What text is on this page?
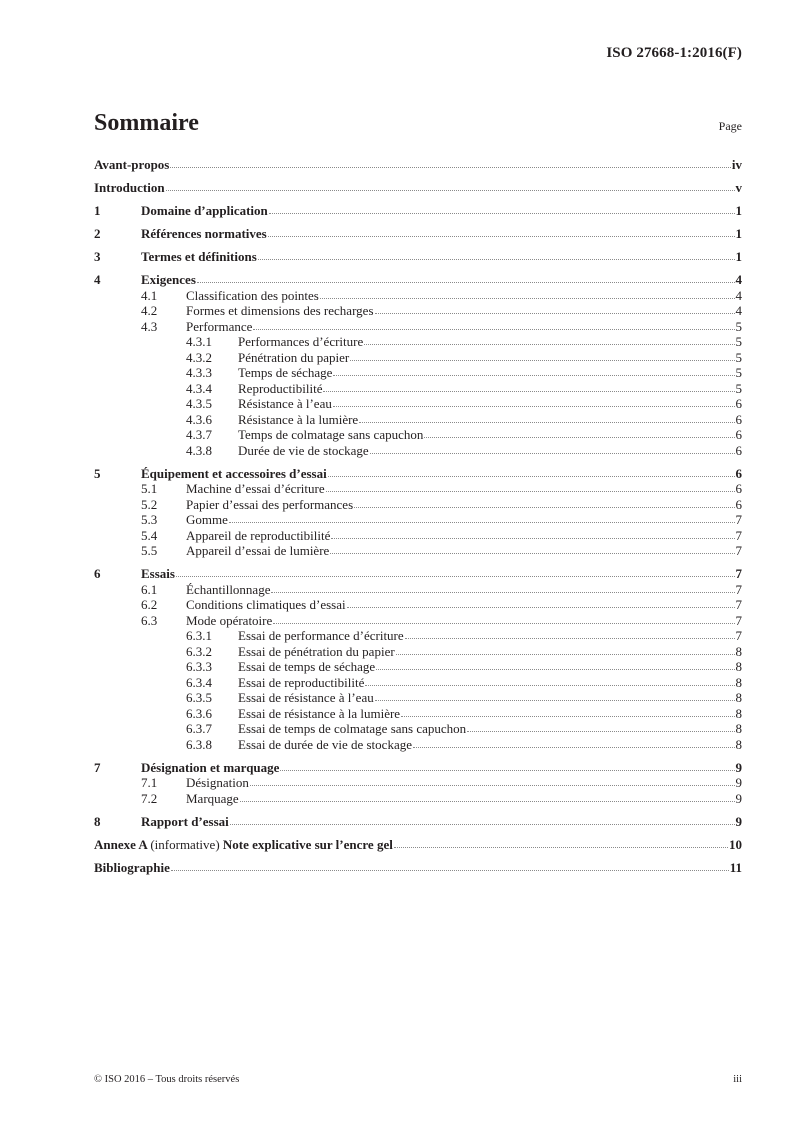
ISO 27668-1:2016(F)
Sommaire	Page
Avant-propos	iv
Introduction	v
1	Domaine d’application	1
2	Références normatives	1
3	Termes et définitions	1
4	Exigences	4
4.1	Classification des pointes	4
4.2	Formes et dimensions des recharges	4
4.3	Performance	5
4.3.1	Performances d’écriture	5
4.3.2	Pénétration du papier	5
4.3.3	Temps de séchage	5
4.3.4	Reproductibilité	5
4.3.5	Résistance à l’eau	6
4.3.6	Résistance à la lumière	6
4.3.7	Temps de colmatage sans capuchon	6
4.3.8	Durée de vie de stockage	6
5	Équipement et accessoires d’essai	6
5.1	Machine d’essai d’écriture	6
5.2	Papier d’essai des performances	6
5.3	Gomme	7
5.4	Appareil de reproductibilité	7
5.5	Appareil d’essai de lumière	7
6	Essais	7
6.1	Échantillonnage	7
6.2	Conditions climatiques d’essai	7
6.3	Mode opératoire	7
6.3.1	Essai de performance d’écriture	7
6.3.2	Essai de pénétration du papier	8
6.3.3	Essai de temps de séchage	8
6.3.4	Essai de reproductibilité	8
6.3.5	Essai de résistance à l’eau	8
6.3.6	Essai de résistance à la lumière	8
6.3.7	Essai de temps de colmatage sans capuchon	8
6.3.8	Essai de durée de vie de stockage	8
7	Désignation et marquage	9
7.1	Désignation	9
7.2	Marquage	9
8	Rapport d’essai	9
Annexe A (informative) Note explicative sur l’encre gel	10
Bibliographie	11
© ISO 2016 – Tous droits réservés	iii
